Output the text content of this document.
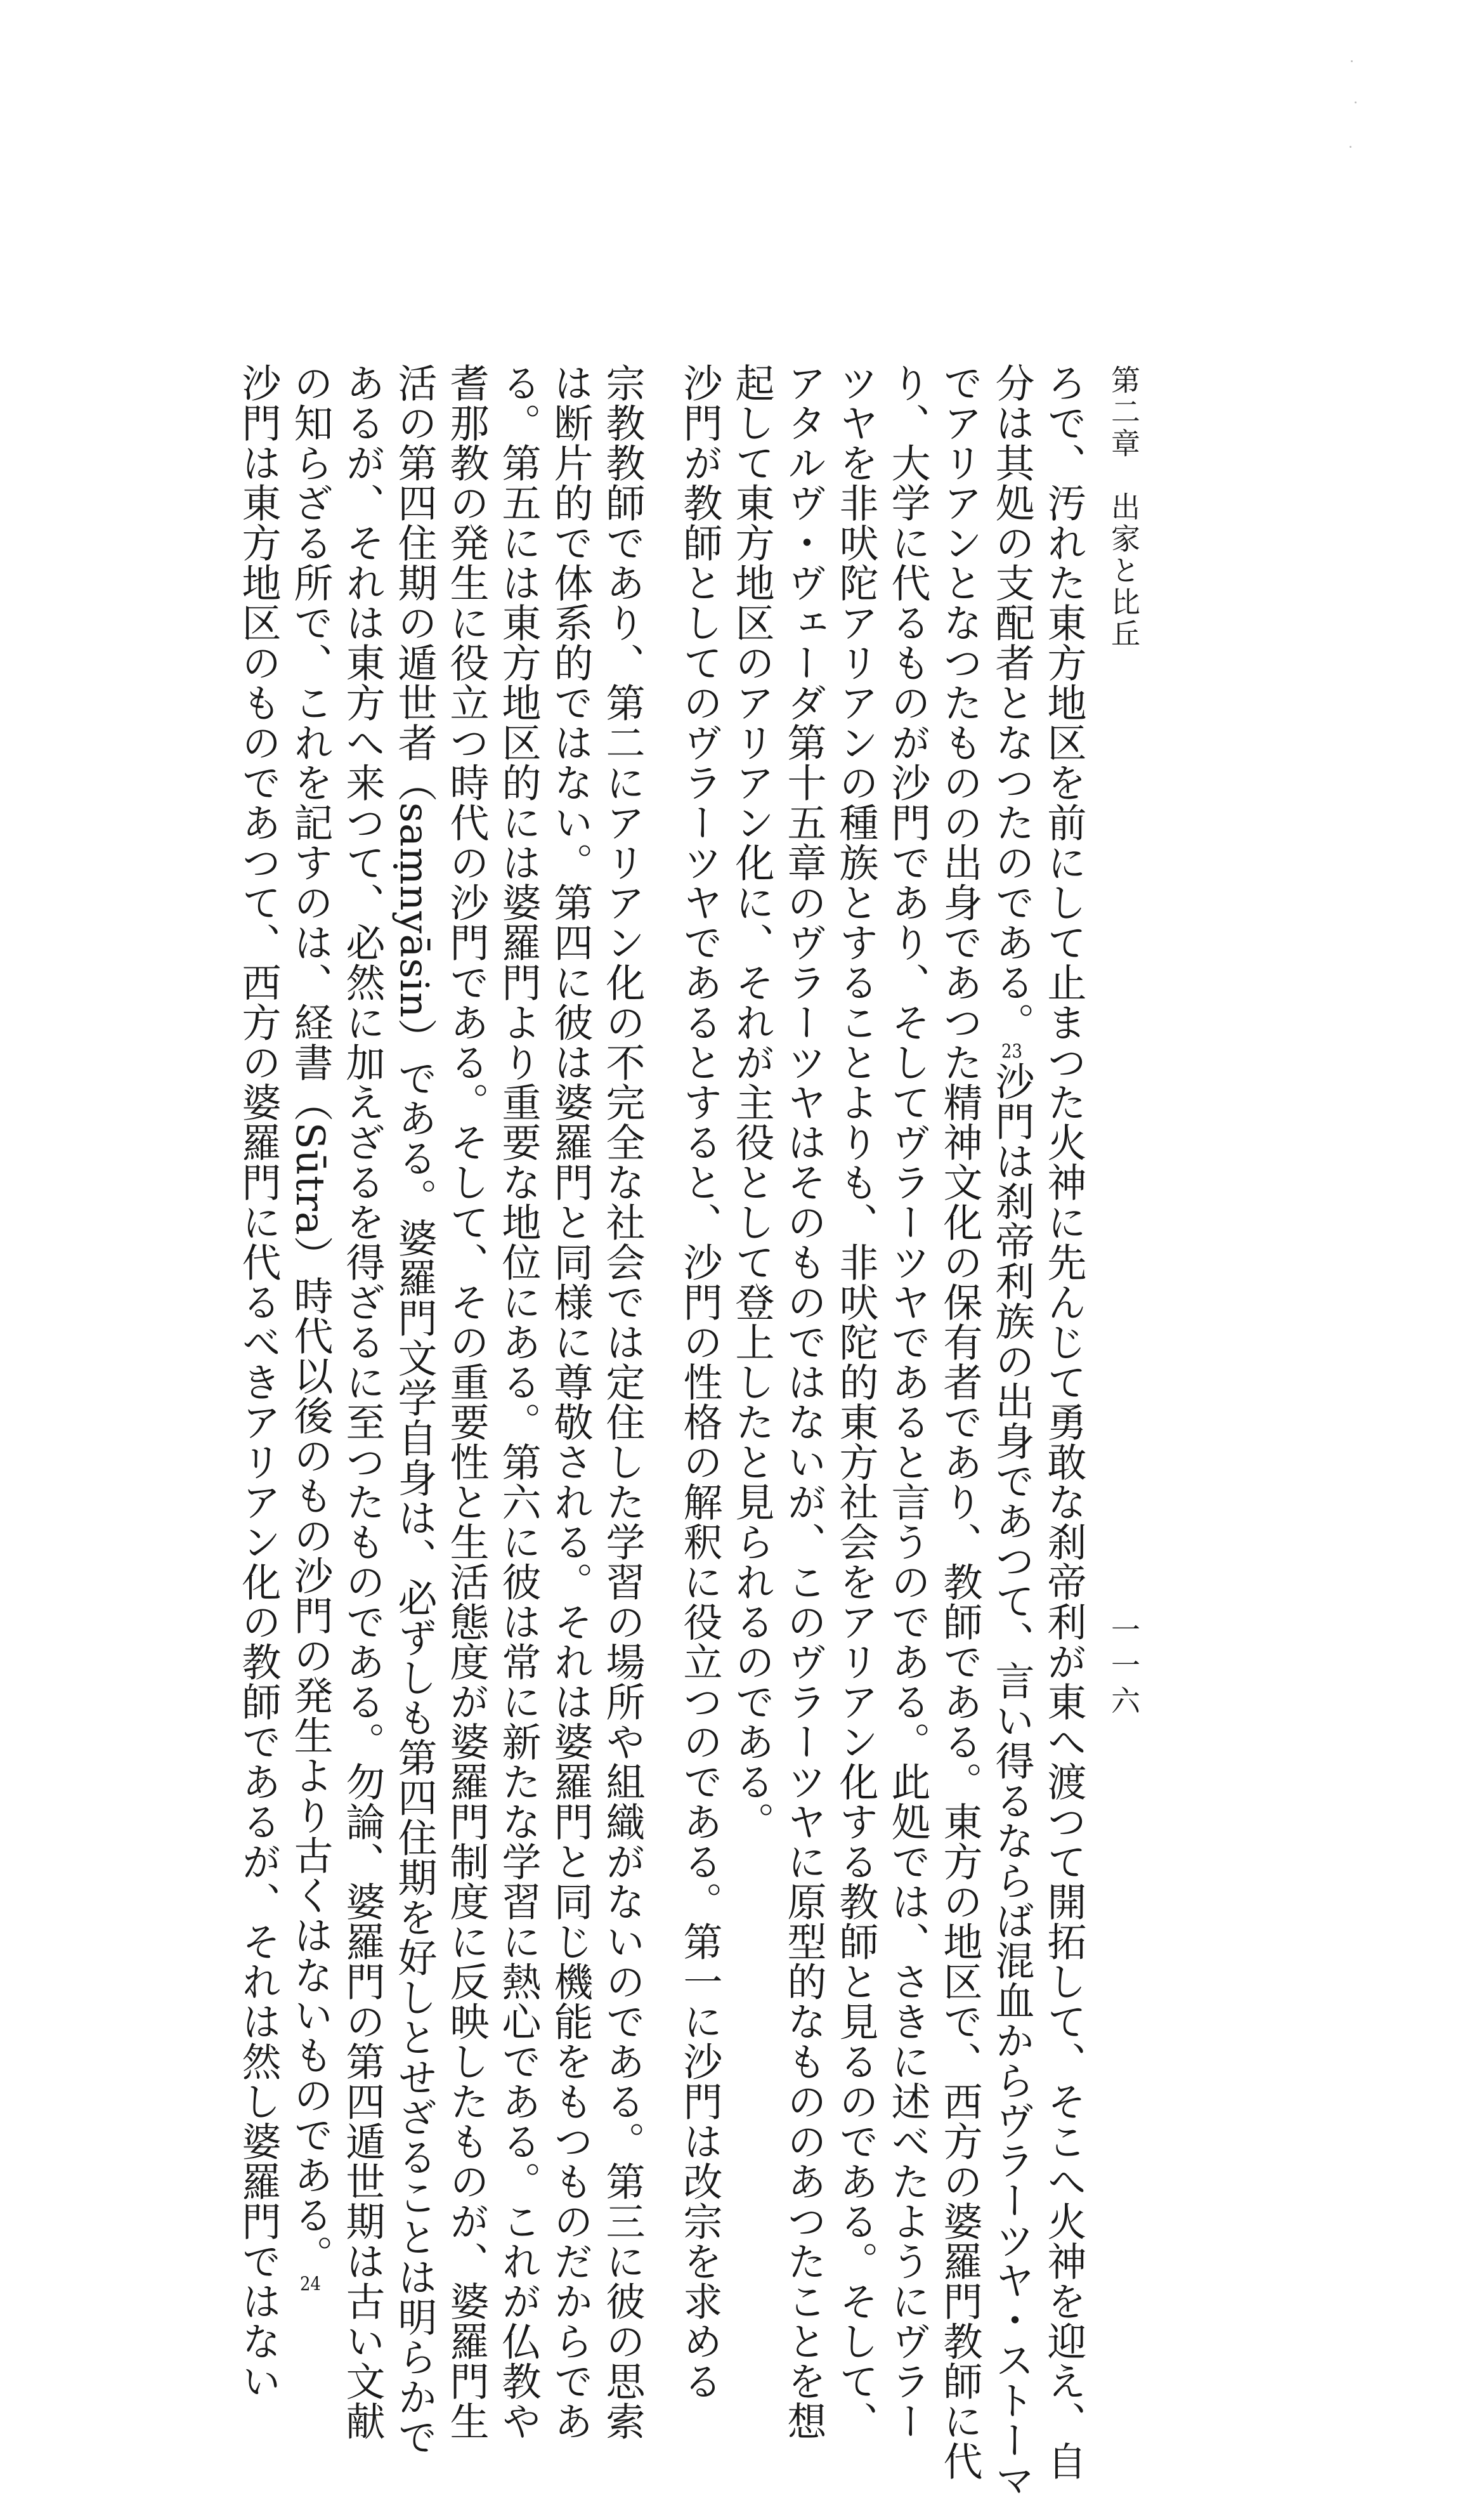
第二章　出家と比丘
一一六
ろで、汚れた東方地区を前にして止まつた火神に先んじて勇敢な刹帝利が東へ渡つて開拓して、そこへ火神を迎え、自
分は其処の支配者となつたのである。23沙門は刹帝利族の出身であつて、言い得るならば混血からヴラーツヤ・ストーマ
でアリアンとなつたものの出身であつた精神文化の保有者であり、教師である。東方の地区で、西方の婆羅門教師に代
り、大学に代るものが沙門であり、そしてヴラーツヤであると言うのである。此処では、さきに述べたようにヴラー
ツヤを非吠陀アリアンの種族とすることよりも、非吠陀的東方社会をアリアン化する教師と見るのである。そして、
アタルヴ・ヴェーダ第十五章のヴラーツヤはそのものではないが、このヴラーツヤに原型的なもののあつたことを想
起して東方地区のアリアン化に、それが主役として登上したと見られるのである。
沙門が教師としてのヴラーツヤであるとすると、沙門の性格の解釈に役立つのである。第一に沙門は改宗を求める
宗教教師であり、第二にアリアン化の不完全な社会では定住した学習の場所や組織がないのである。第三に彼の思索
は断片的で体系的ではない。第四に彼は婆羅門と同様に尊敬される。それは婆羅門と同じ機能をもつものだからであ
る。第五には東方地区的には婆羅門より重要な地位にある。第六に彼は常に新たな学習に熱心である。これが仏教や
耆那教の発生に役立つ時代の沙門である。そして、その重要性と生活態度が婆羅門制度に反映したものが、婆羅門生
活の第四住期の遁世者（saṃnyāsin）である。婆羅門文学自身は、必ずしも第四住期を好しとせざることは明らかで
あるが、それは東方へ来つて、必然に加えざるを得ざるに至つたものである。勿論、婆羅門の第四遁世期は古い文献
の知らざる所で、これを記すのは、経書（Sūtra）時代以後のもの沙門の発生より古くはないものである。24
沙門は東方地区のものであつて、西方の婆羅門に代るべきアリアン化の教師であるが、それは然し婆羅門ではない
